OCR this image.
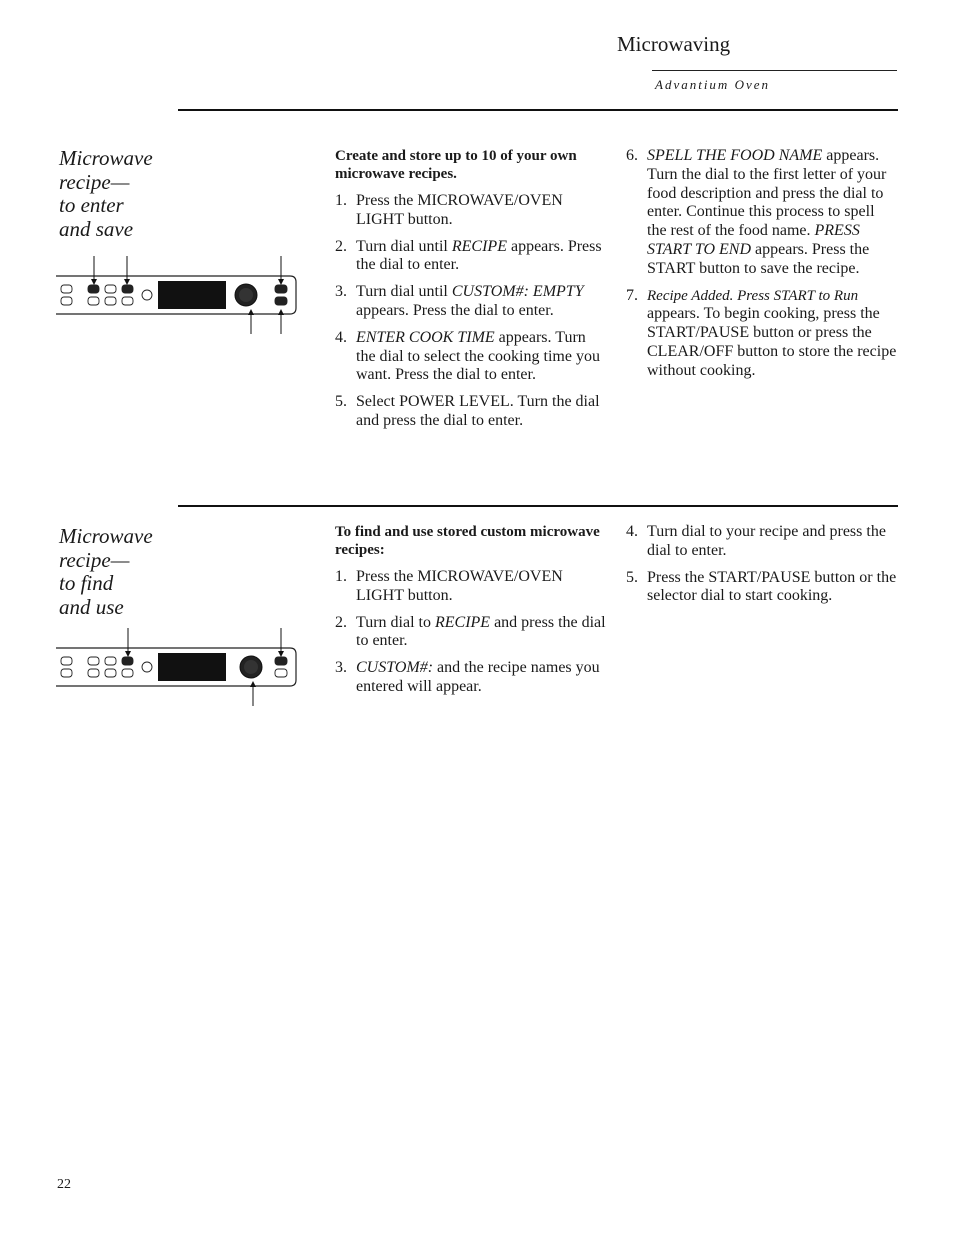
Microwaving
Advantium Oven
Microwave
recipe—
to enter
and save

Create and store up to 10 of your own microwave recipes.

1. Press the MICROWAVE/OVEN LIGHT button.
2. Turn dial until RECIPE appears. Press the dial to enter.
3. Turn dial until CUSTOM#: EMPTY appears. Press the dial to enter.
4. ENTER COOK TIME appears. Turn the dial to select the cooking time you want. Press the dial to enter.
5. Select POWER LEVEL. Turn the dial and press the dial to enter.
6. SPELL THE FOOD NAME appears. Turn the dial to the first letter of your food description and press the dial to enter. Continue this process to spell the rest of the food name. PRESS START TO END appears. Press the START button to save the recipe.
7. Recipe Added. Press START to Run appears. To begin cooking, press the START/PAUSE button or press the CLEAR/OFF button to store the recipe without cooking.
Microwave
recipe—
to find
and use

To find and use stored custom microwave recipes:

1. Press the MICROWAVE/OVEN LIGHT button.
2. Turn dial to RECIPE and press the dial to enter.
3. CUSTOM#: and the recipe names you entered will appear.
4. Turn dial to your recipe and press the dial to enter.
5. Press the START/PAUSE button or the selector dial to start cooking.
22
